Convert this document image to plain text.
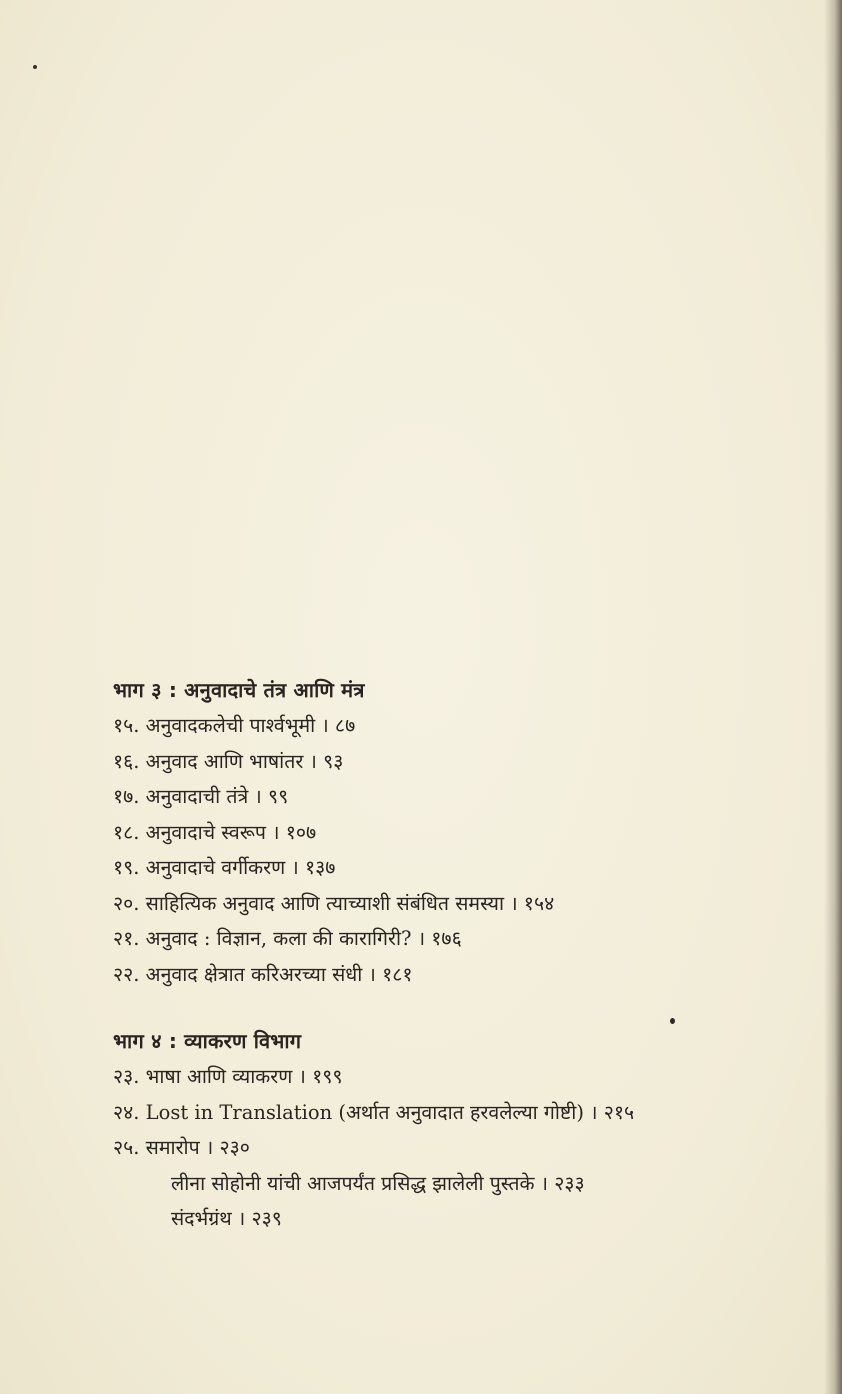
भाग ३ : अनुवादाचे तंत्र आणि मंत्र
१५. अनुवादकलेची पार्श्वभूमी । ८७
१६. अनुवाद आणि भाषांतर । ९३
१७. अनुवादाची तंत्रे । ९९
१८. अनुवादाचे स्वरूप । १०७
१९. अनुवादाचे वर्गीकरण । १३७
२०. साहित्यिक अनुवाद आणि त्याच्याशी संबंधित समस्या । १५४
२१. अनुवाद : विज्ञान, कला की कारागिरी? । १७६
२२. अनुवाद क्षेत्रात करिअरच्या संधी । १८१
भाग ४ : व्याकरण विभाग
२३. भाषा आणि व्याकरण । १९९
२४. Lost in Translation (अर्थात अनुवादात हरवलेल्या गोष्टी) । २१५
२५. समारोप । २३०
लीना सोहोनी यांची आजपर्यंत प्रसिद्ध झालेली पुस्तके । २३३
संदर्भग्रंथ । २३९
